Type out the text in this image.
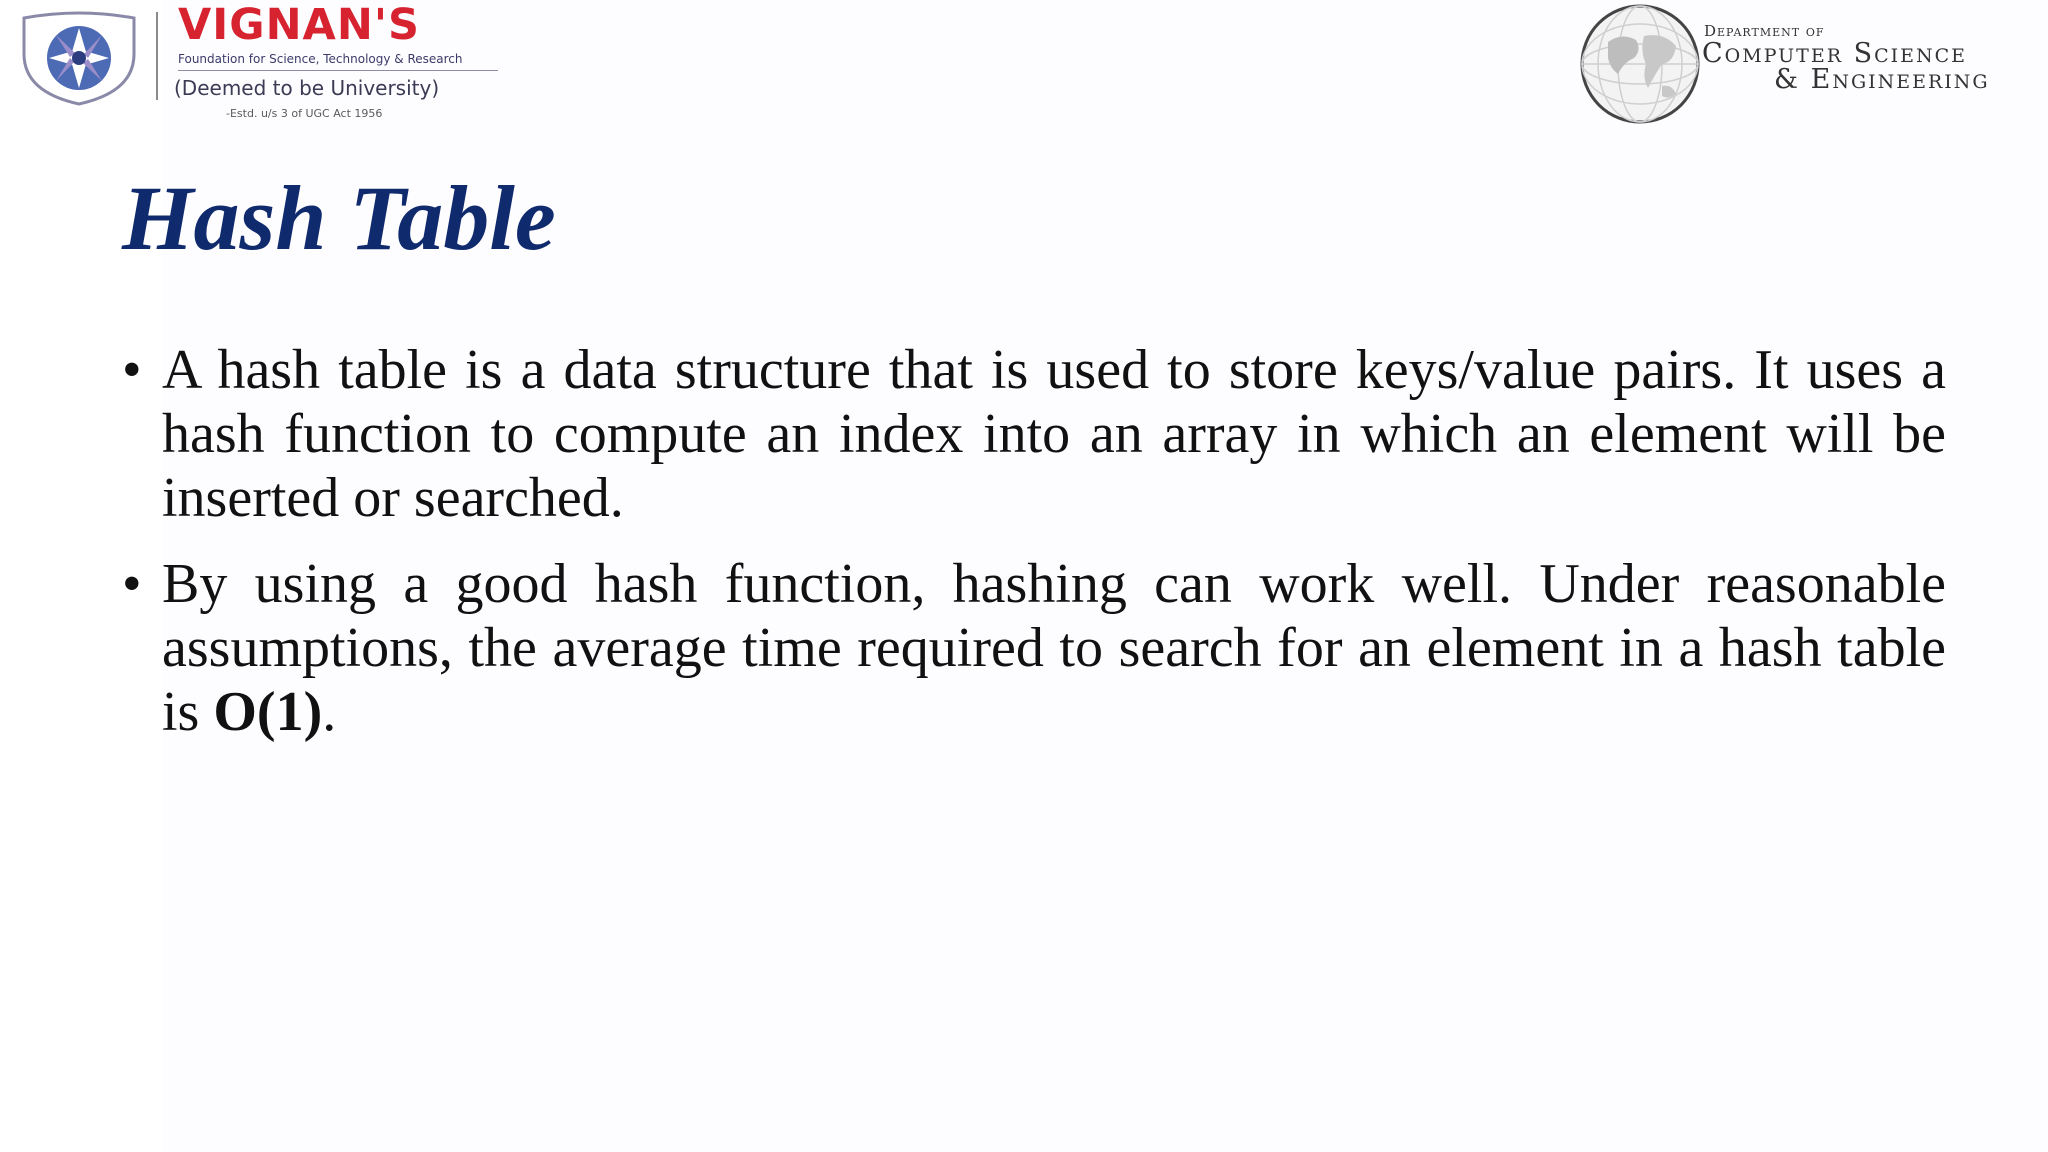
VIGNAN'S
Foundation for Science, Technology & Research
(Deemed to be University)
-Estd. u/s 3 of UGC Act 1956
Department of
Computer Science
& Engineering
Hash Table
• A hash table is a data structure that is used to store keys/value pairs. It uses a hash function to compute an index into an array in which an element will be inserted or searched.

• By using a good hash function, hashing can work well. Under reasonable assumptions, the average time required to search for an element in a hash table is O(1).
